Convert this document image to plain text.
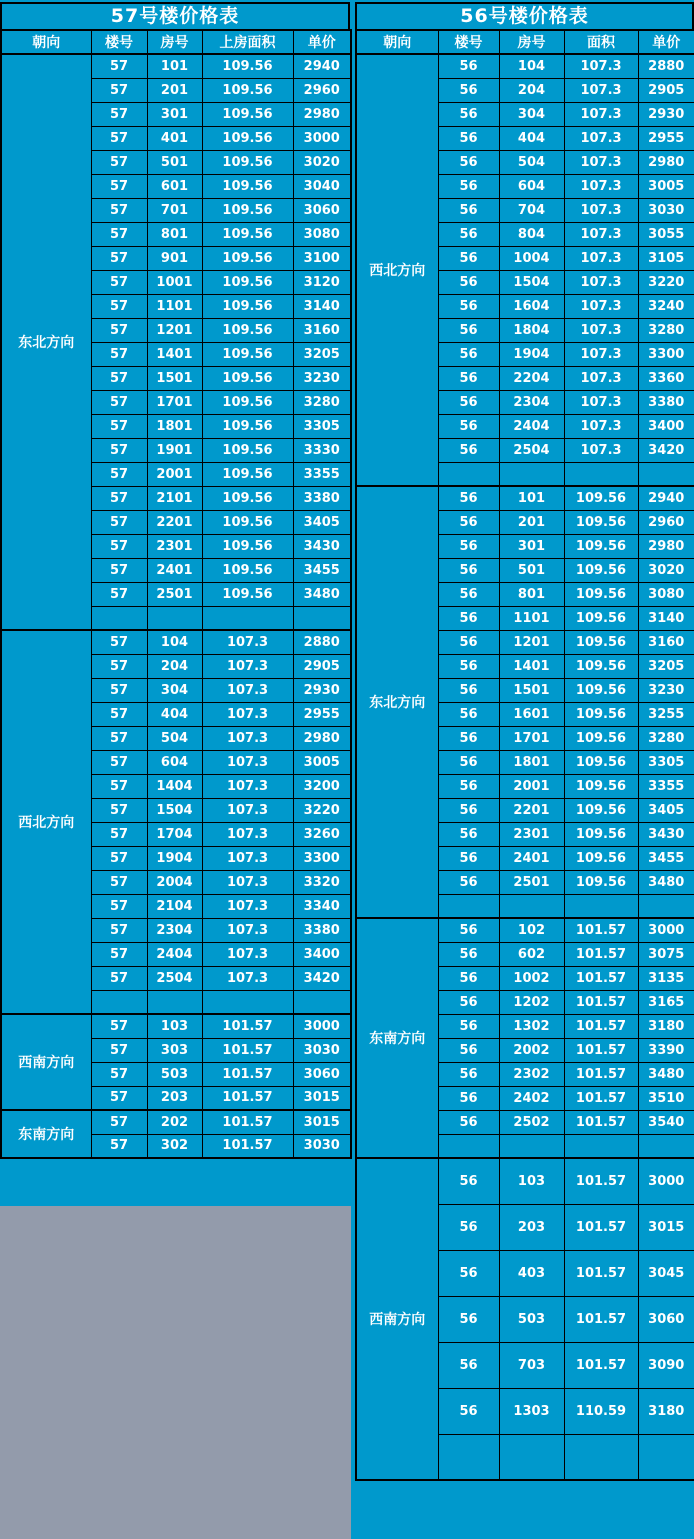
57号楼价格表
朝向	楼号	房号	上房面积	单价
东北方向	57	101	109.56	2940
	57	201	109.56	2960
	57	301	109.56	2980
	57	401	109.56	3000
	57	501	109.56	3020
	57	601	109.56	3040
	57	701	109.56	3060
	57	801	109.56	3080
	57	901	109.56	3100
	57	1001	109.56	3120
	57	1101	109.56	3140
	57	1201	109.56	3160
	57	1401	109.56	3205
	57	1501	109.56	3230
	57	1701	109.56	3280
	57	1801	109.56	3305
	57	1901	109.56	3330
	57	2001	109.56	3355
	57	2101	109.56	3380
	57	2201	109.56	3405
	57	2301	109.56	3430
	57	2401	109.56	3455
	57	2501	109.56	3480

西北方向	57	104	107.3	2880
	57	204	107.3	2905
	57	304	107.3	2930
	57	404	107.3	2955
	57	504	107.3	2980
	57	604	107.3	3005
	57	1404	107.3	3200
	57	1504	107.3	3220
	57	1704	107.3	3260
	57	1904	107.3	3300
	57	2004	107.3	3320
	57	2104	107.3	3340
	57	2304	107.3	3380
	57	2404	107.3	3400
	57	2504	107.3	3420

西南方向	57	103	101.57	3000
	57	303	101.57	3030
	57	503	101.57	3060
	57	203	101.57	3015
东南方向	57	202	101.57	3015
	57	302	101.57	3030
56号楼价格表
朝向	楼号	房号	面积	单价
西北方向	56	104	107.3	2880
	56	204	107.3	2905
	56	304	107.3	2930
	56	404	107.3	2955
	56	504	107.3	2980
	56	604	107.3	3005
	56	704	107.3	3030
	56	804	107.3	3055
	56	1004	107.3	3105
	56	1504	107.3	3220
	56	1604	107.3	3240
	56	1804	107.3	3280
	56	1904	107.3	3300
	56	2204	107.3	3360
	56	2304	107.3	3380
	56	2404	107.3	3400
	56	2504	107.3	3420

东北方向	56	101	109.56	2940
	56	201	109.56	2960
	56	301	109.56	2980
	56	501	109.56	3020
	56	801	109.56	3080
	56	1101	109.56	3140
	56	1201	109.56	3160
	56	1401	109.56	3205
	56	1501	109.56	3230
	56	1601	109.56	3255
	56	1701	109.56	3280
	56	1801	109.56	3305
	56	2001	109.56	3355
	56	2201	109.56	3405
	56	2301	109.56	3430
	56	2401	109.56	3455
	56	2501	109.56	3480

东南方向	56	102	101.57	3000
	56	602	101.57	3075
	56	1002	101.57	3135
	56	1202	101.57	3165
	56	1302	101.57	3180
	56	2002	101.57	3390
	56	2302	101.57	3480
	56	2402	101.57	3510
	56	2502	101.57	3540

西南方向	56	103	101.57	3000
	56	203	101.57	3015
	56	403	101.57	3045
	56	503	101.57	3060
	56	703	101.57	3090
	56	1303	110.59	3180
